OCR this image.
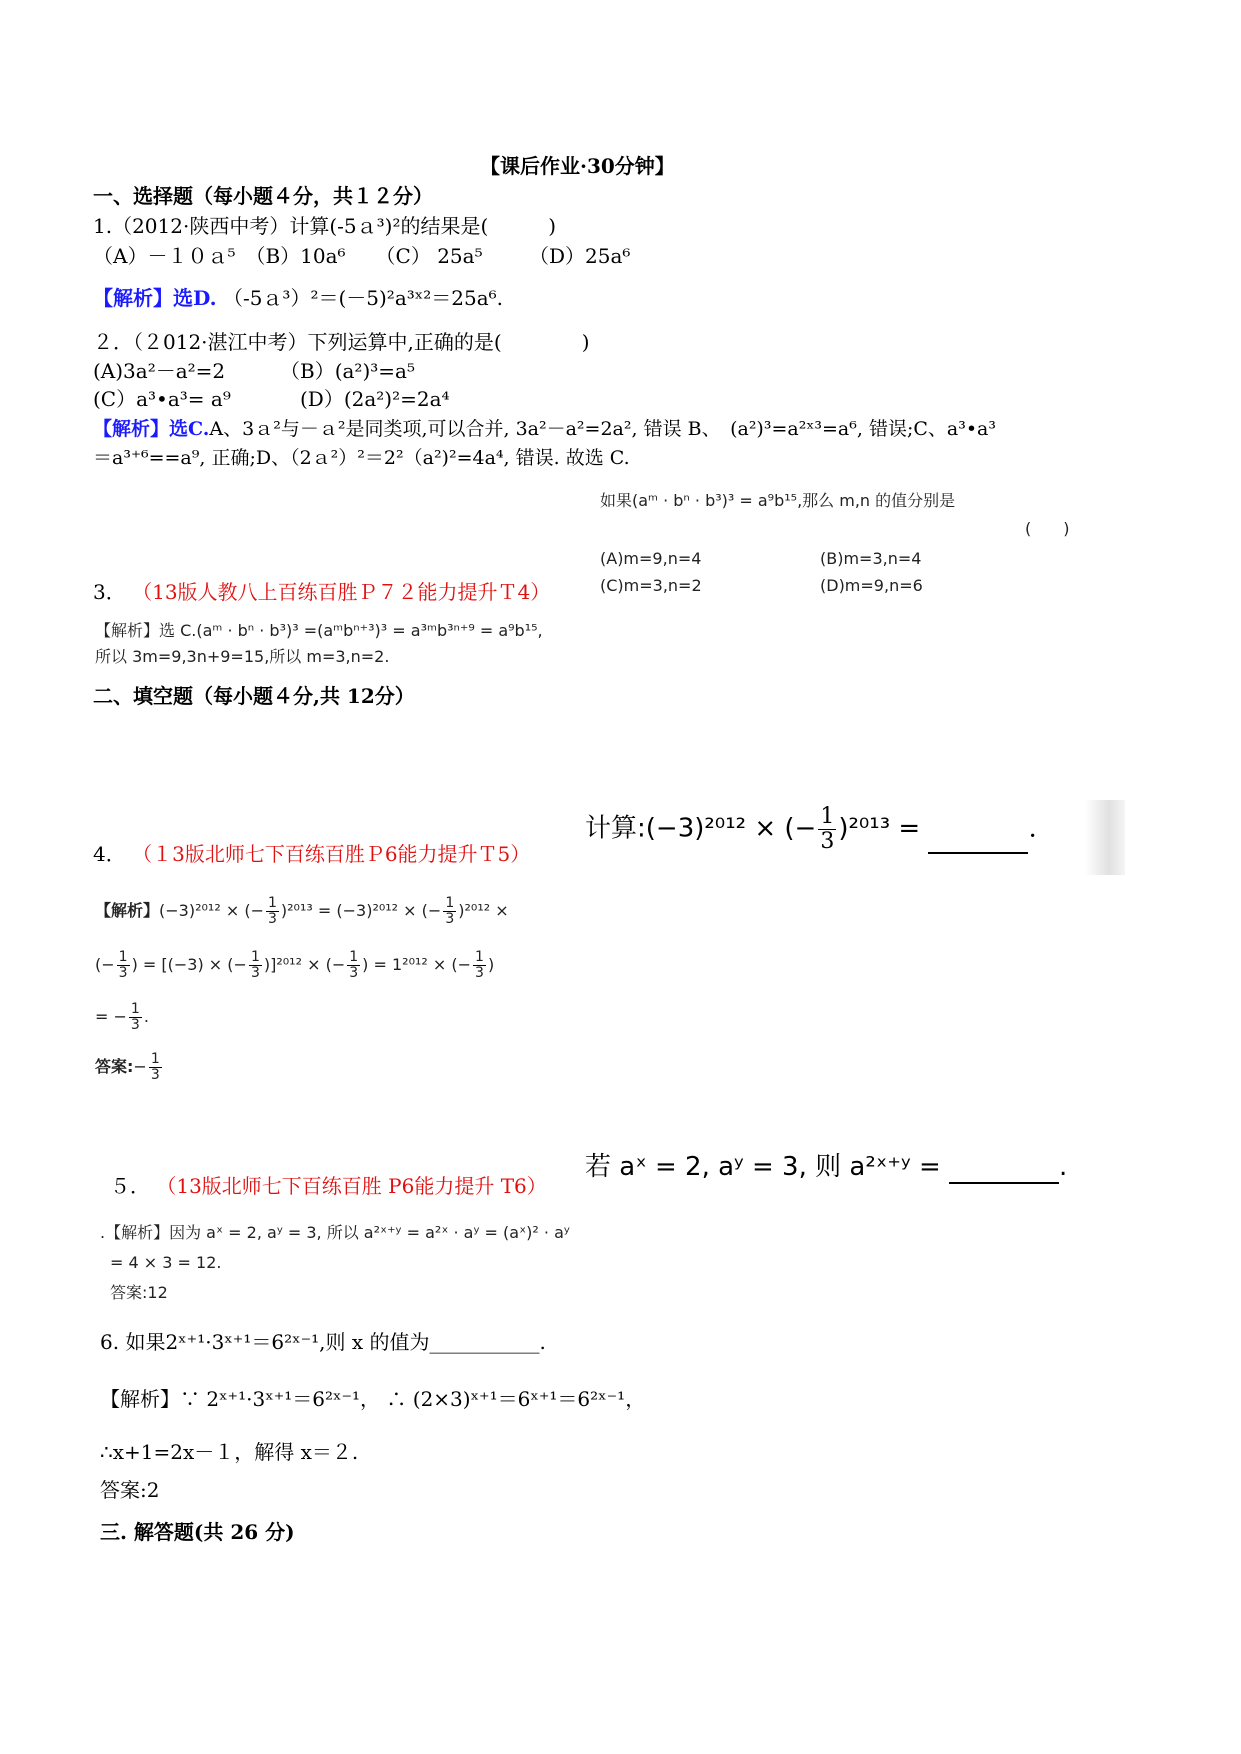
【课后作业·30分钟】
一、选择题（每小题４分，共１２分）
1.（2012·陕西中考）计算(-5ａ³)²的结果是(　　　)
（A）－１０ａ⁵　（B）10a⁶　　（C） 25a⁵　　 （D）25a⁶
【解析】选D. （-5ａ³）²＝(－5)²a³ˣ²＝25a⁶.
２．（２012·湛江中考）下列运算中,正确的是(　　　　)
(A)3a²－a²=2	（B）(a²)³=a⁵
(C）a³•a³= a⁹	(D）(2a²)²=2a⁴
【解析】选C.A、3ａ²与－ａ²是同类项,可以合并, 3a²－a²=2a², 错误 B、　(a²)³=a²ˣ³=a⁶, 错误;C、a³•a³
＝a³⁺⁶==a⁹, 正确;D、（2ａ²）²＝2²（a²)²=4a⁴, 错误. 故选 C.
如果(aᵐ · bⁿ · b³)³ = a⁹b¹⁵,那么 m,n 的值分别是
(　　)
(A)m=9,n=4	(B)m=3,n=4
(C)m=3,n=2	(D)m=9,n=6
3． （13版人教八上百练百胜Ｐ７２能力提升Ｔ4）
【解析】选 C.(aᵐ · bⁿ · b³)³ =(aᵐbⁿ⁺³)³ = a³ᵐb³ⁿ⁺⁹ = a⁹b¹⁵,
所以 3m=9,3n+9=15,所以 m=3,n=2.
二、填空题（每小题４分,共 12分）
计算:(−3)²⁰¹² × (− $\frac{1}{3} )^{2013}$ =	.
4． （１3版北师七下百练百胜Ｐ6能力提升Ｔ5）
【解析】(−3)²⁰¹² × (− $\frac{1}{3} )^{2013} = (-3)^{2012}$ × (− $\frac{1}{3} )^{2012}$ ×
(− $\frac{1}{3}$ ) = [(−3) × (− $\frac{1}{3} )]^{2012}$ × (− $\frac{1}{3}$ ) = 1²⁰¹² × (− $\frac{1}{3}$ )
= − $\frac{1}{3}$ .
答案:− $\frac{1}{3}$
若 aˣ = 2, aʸ = 3, 则 a²ˣ⁺ʸ =	.
５． （13版北师七下百练百胜 P6能力提升 T6）
.【解析】因为 aˣ = 2, aʸ = 3, 所以 a²ˣ⁺ʸ = a²ˣ · aʸ = (aˣ)² · aʸ
= 4 × 3 = 12.
答案:12
6. 如果2ˣ⁺¹·3ˣ⁺¹＝6²ˣ⁻¹,则 x 的值为___________.
【解析】∵ 2ˣ⁺¹·3ˣ⁺¹＝6²ˣ⁻¹， ∴ (2×3)ˣ⁺¹＝6ˣ⁺¹＝6²ˣ⁻¹，
∴x+1=2x－１，解得 x＝２.
答案:2
三. 解答题(共 26 分)
